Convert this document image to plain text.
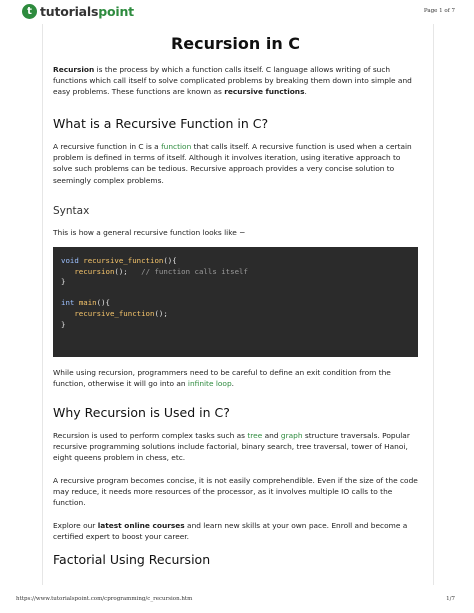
t tutorialspoint	Page 1 of 7
Recursion in C

Recursion is the process by which a function calls itself. C language allows writing of such functions which call itself to solve complicated problems by breaking them down into simple and easy problems. These functions are known as recursive functions.

What is a Recursive Function in C?

A recursive function in C is a function that calls itself. A recursive function is used when a certain problem is defined in terms of itself. Although it involves iteration, using iterative approach to solve such problems can be tedious. Recursive approach provides a very concise solution to seemingly complex problems.

Syntax

This is how a general recursive function looks like −

void recursive_function(){
recursion(); // function calls itself
}

int main(){
recursive_function();
}

While using recursion, programmers need to be careful to define an exit condition from the function, otherwise it will go into an infinite loop.

Why Recursion is Used in C?

Recursion is used to perform complex tasks such as tree and graph structure traversals. Popular recursive programming solutions include factorial, binary search, tree traversal, tower of Hanoi, eight queens problem in chess, etc.

A recursive program becomes concise, it is not easily comprehendible. Even if the size of the code may reduce, it needs more resources of the processor, as it involves multiple IO calls to the function.

Explore our latest online courses and learn new skills at your own pace. Enroll and become a certified expert to boost your career.

Factorial Using Recursion
https://www.tutorialspoint.com/cprogramming/c_recursion.htm	1/7
